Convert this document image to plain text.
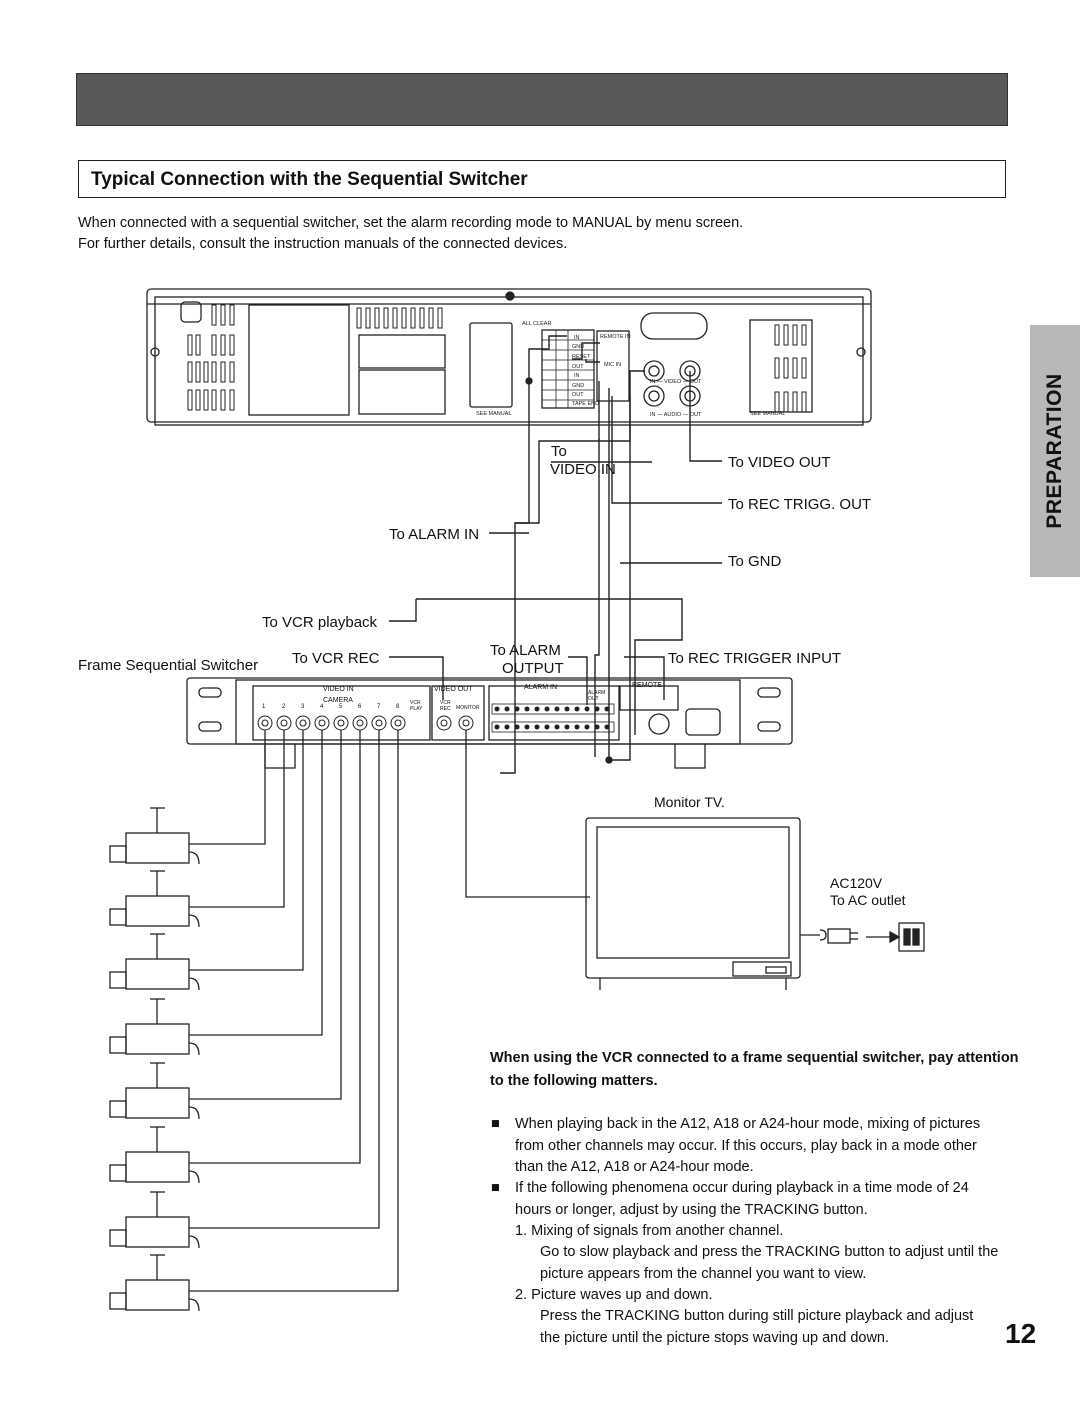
Typical Connection with the Sequential Switcher
When connected with a sequential switcher, set the alarm recording mode to MANUAL by menu screen.
For further details, consult the instruction manuals of the connected devices.
PREPARATION
ALL CLEAR
REMOTE IN
MIC IN
SEE MANUAL	SEE MANUAL
IN — VIDEO — OUT
IN — AUDIO — OUT
IN
GND
RESET
OUT
IN
GND
OUT
TAPE END
To
VIDEO IN	To VIDEO OUT
To REC TRIGG. OUT
To ALARM IN
To GND
To VCR playback
Frame Sequential Switcher To VCR REC	To ALARM
OUTPUT
To REC TRIGGER INPUT
Monitor TV.
AC120V
To AC outlet
VIDEO IN
CAMERA
VIDEO OUT	ALARM IN
ALARM OUT
REMOTE
VCR PLAY
VCR REC	MONITOR
1	2	3	4	5	6	7	8
When using the VCR connected to a frame sequential switcher, pay attention to the following matters.
■ When playing back in the A12, A18 or A24-hour mode, mixing of pictures from other channels may occur. If this occurs, play back in a mode other than the A12, A18 or A24-hour mode.
■ If the following phenomena occur during playback in a time mode of 24 hours or longer, adjust by using the TRACKING button.
1. Mixing of signals from another channel.
Go to slow playback and press the TRACKING button to adjust until the picture appears from the channel you want to view.
2. Picture waves up and down.
Press the TRACKING button during still picture playback and adjust the picture until the picture stops waving up and down.	12
